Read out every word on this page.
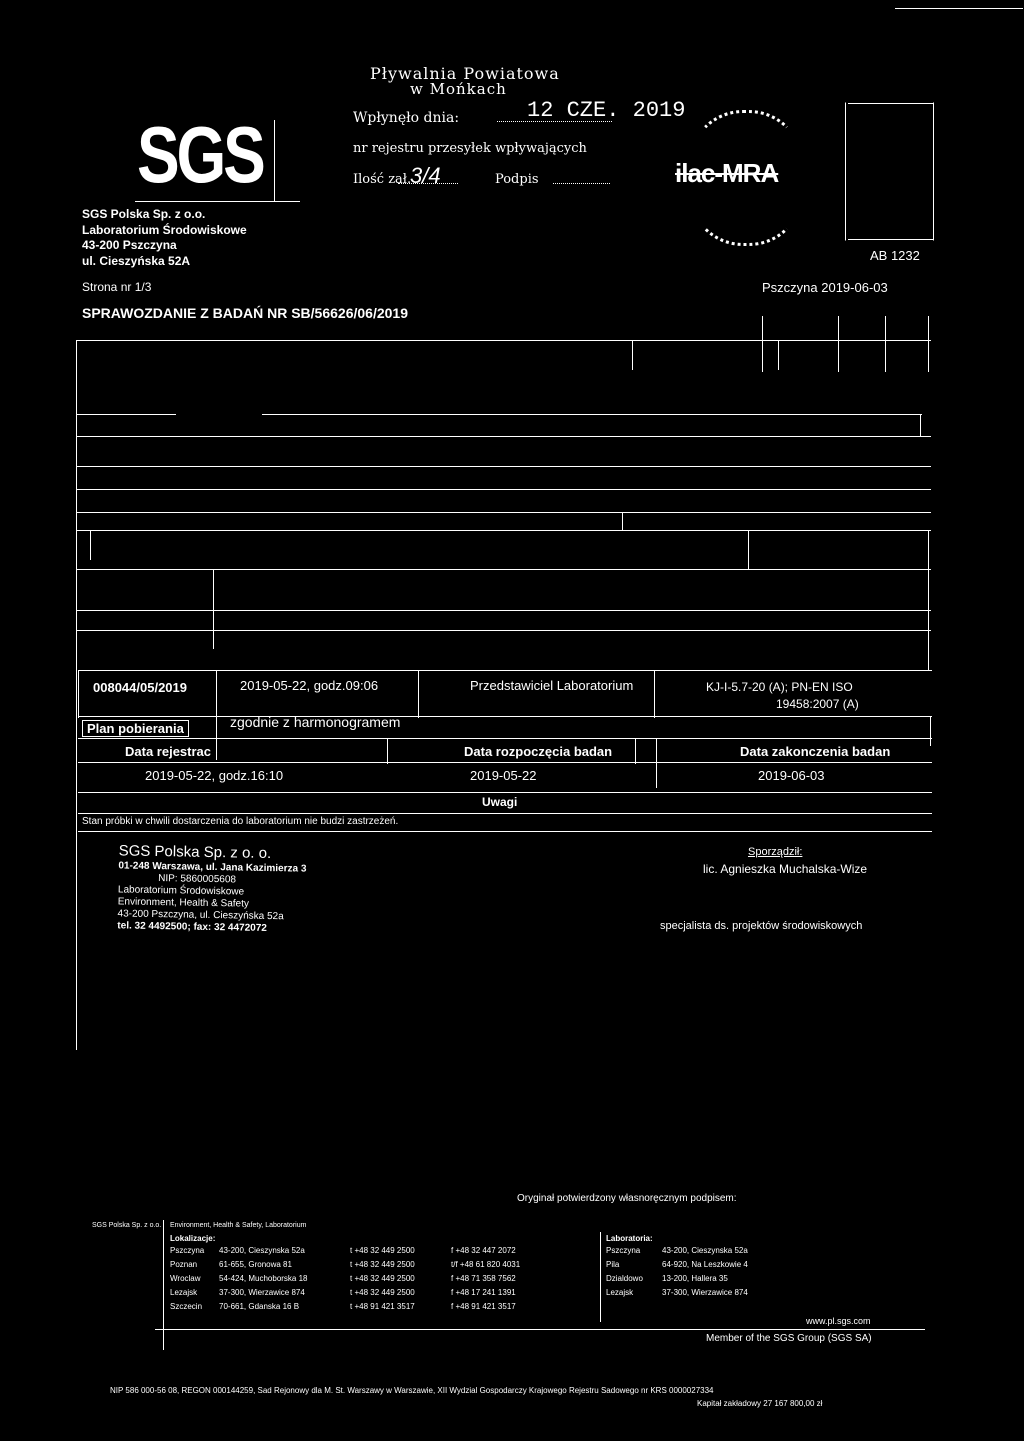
Pływalnia Powiatowa
w Mońkach
Wpłynęło dnia:	12 CZE. 2019
nr rejestru przesyłek wpływających
Ilość zał.
3/4	Podpis
SGS
SGS Polska Sp. z o.o.
Laboratorium Środowiskowe
43-200 Pszczyna
ul. Cieszyńska 52A
ilac-MRA
AB 1232
Strona nr 1/3	Pszczyna 2019-06-03
SPRAWOZDANIE Z BADAŃ NR SB/56626/06/2019
008044/05/2019	2019-05-22, godz.09:06	Przedstawiciel Laboratorium	KJ-I-5.7-20 (A); PN-EN ISO
19458:2007 (A)
Plan pobierania	zgodnie z harmonogramem
Data rejestrac	Data rozpoczęcia badan	Data zakonczenia badan
2019-05-22, godz.16:10	2019-05-22	2019-06-03
Uwagi
Stan próbki w chwili dostarczenia do laboratorium nie budzi zastrzeżeń.
SGS Polska Sp. z o. o.
01-248 Warszawa, ul. Jana Kazimierza 3
NIP: 5860005608
Laboratorium Środowiskowe
Environment, Health & Safety
43-200 Pszczyna, ul. Cieszyńska 52a
tel. 32 4492500; fax: 32 4472072
Sporządził:
lic. Agnieszka Muchalska-Wize
specjalista ds. projektów środowiskowych
Oryginał potwierdzony własnoręcznym podpisem:
SGS Polska Sp. z o.o. Environment, Health & Safety, Laboratorium
Lokalizacje:
Pszczyna	43-200, Cieszynska 52a	t +48 32 449 2500	f +48 32 447 2072
Poznan	61-655, Gronowa 81	t +48 32 449 2500	t/f +48 61 820 4031
Wroclaw	54-424, Muchoborska 18	t +48 32 449 2500	f +48 71 358 7562
Lezajsk	37-300, Wierzawice 874	t +48 32 449 2500	f +48 17 241 1391
Szczecin	70-661, Gdanska 16 B	t +48 91 421 3517	f +48 91 421 3517
Laboratoria:
Pszczyna	43-200, Cieszynska 52a
Pila	64-920, Na Leszkowie 4
Dzialdowo	13-200, Hallera 35
Lezajsk	37-300, Wierzawice 874
www.pl.sgs.com
Member of the SGS Group (SGS SA)
NIP 586 000-56 08, REGON 000144259, Sad Rejonowy dla M. St. Warszawy w Warszawie, XII Wydzial Gospodarczy Krajowego Rejestru Sadowego nr KRS 0000027334
Kapitał zakładowy 27 167 800,00 zł
